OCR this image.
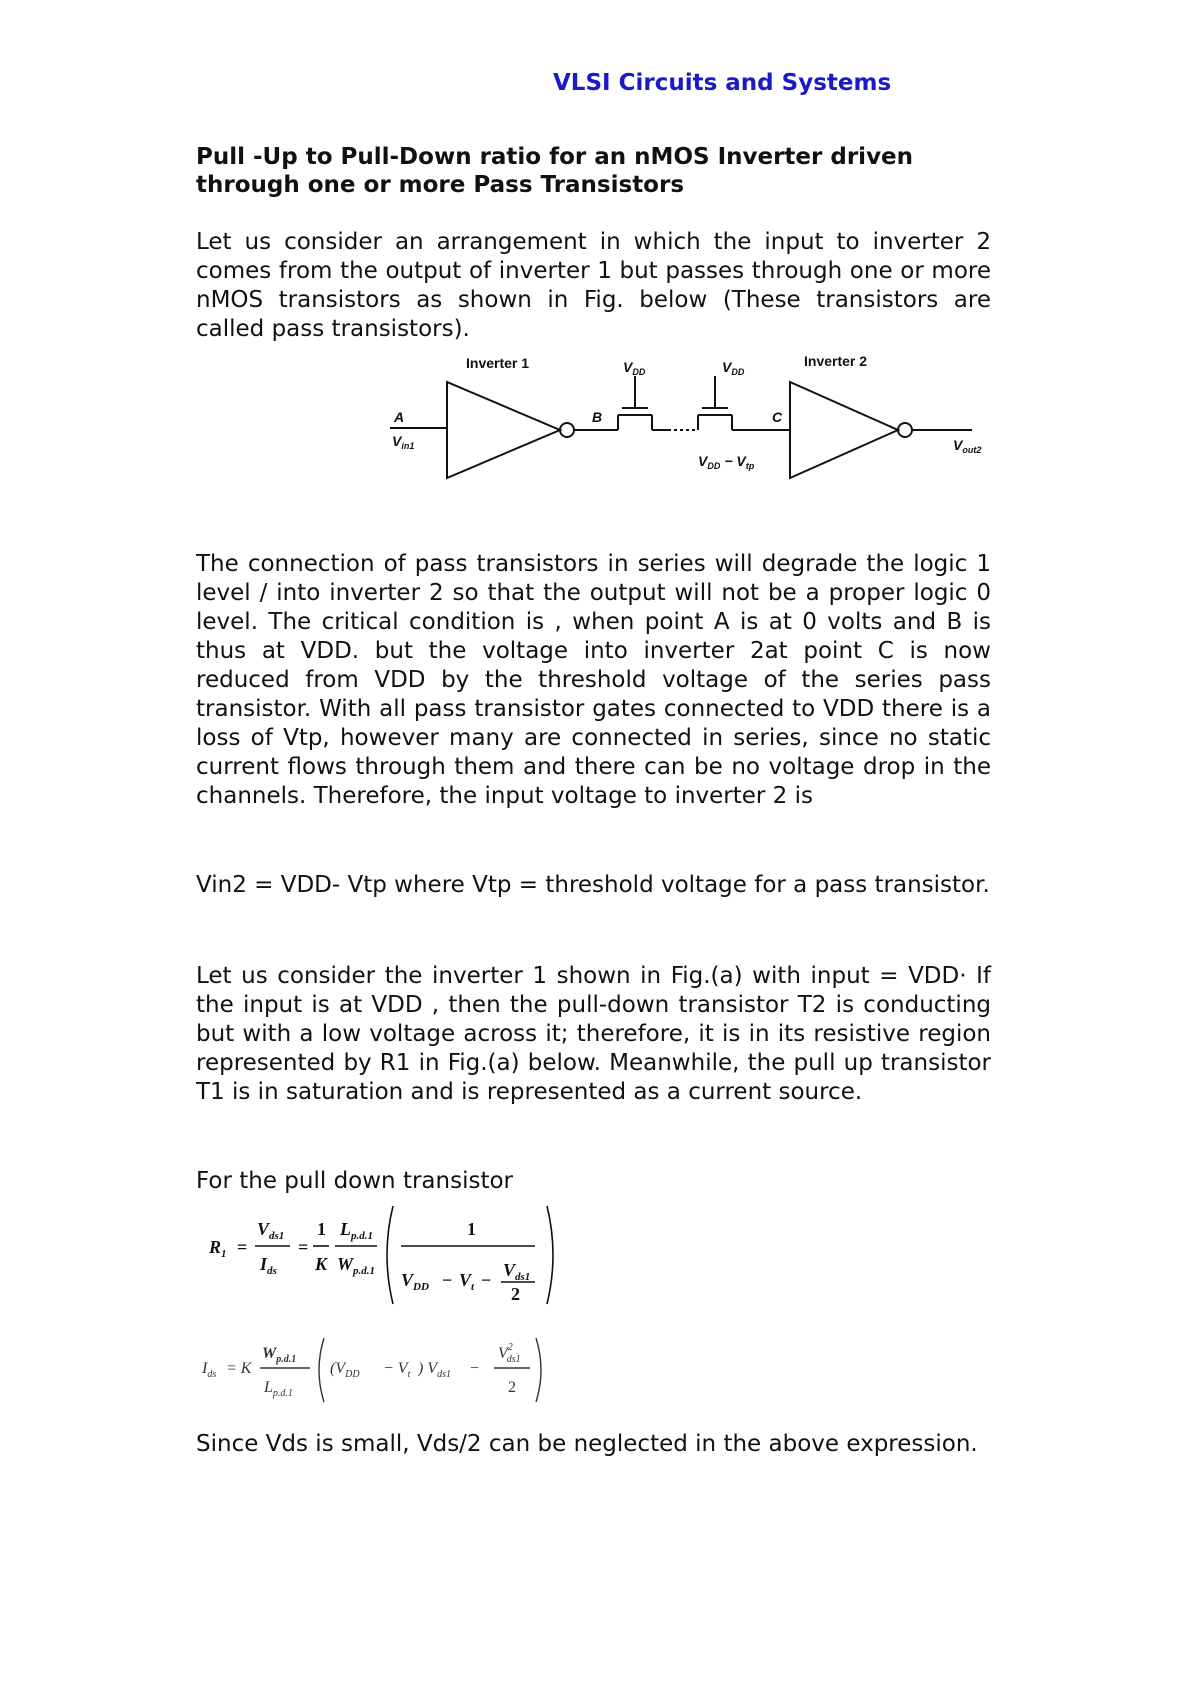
VLSI Circuits and Systems
Pull -Up to Pull-Down ratio for an nMOS Inverter driven through one or more Pass Transistors

Let us consider an arrangement in which the input to inverter 2 comes from the output of inverter 1 but passes through one or more nMOS transistors as shown in Fig. below (These transistors are called pass transistors).

Inverter 1	Inverter 2
$V_{DD}$	$V_{DD}$
A	B	C
$V_{in1}$	$V_{out2}$
$V_{DD} - V_{tp}$

The connection of pass transistors in series will degrade the logic 1 level / into inverter 2 so that the output will not be a proper logic 0 level. The critical condition is , when point A is at 0 volts and B is thus at VDD. but the voltage into inverter 2at point C is now reduced from VDD by the threshold voltage of the series pass transistor. With all pass transistor gates connected to VDD there is a loss of Vtp, however many are connected in series, since no static current flows through them and there can be no voltage drop in the channels. Therefore, the input voltage to inverter 2 is

Vin2 = VDD- Vtp where Vtp = threshold voltage for a pass transistor.

Let us consider the inverter 1 shown in Fig.(a) with input = VDD· If the input is at VDD , then the pull-down transistor T2 is conducting but with a low voltage across it; therefore, it is in its resistive region represented by R1 in Fig.(a) below. Meanwhile, the pull up transistor T1 is in saturation and is represented as a current source.

For the pull down transistor

$R_1$ =
$V_{ds1}$
$I_{ds}$
=
1
K
$L_{p.d.1}$
$W_{p.d.1}$
1
$V_{DD} - V_t - V_{ds1}$
2
$I_{ds} = K$
$W_{p.d.1}$
$L_{p.d.1}$
($V_{DD} - V_t$ ) $V_{ds1}$ −
$V^2$ ds1
2

Since Vds is small, Vds/2 can be neglected in the above expression.
